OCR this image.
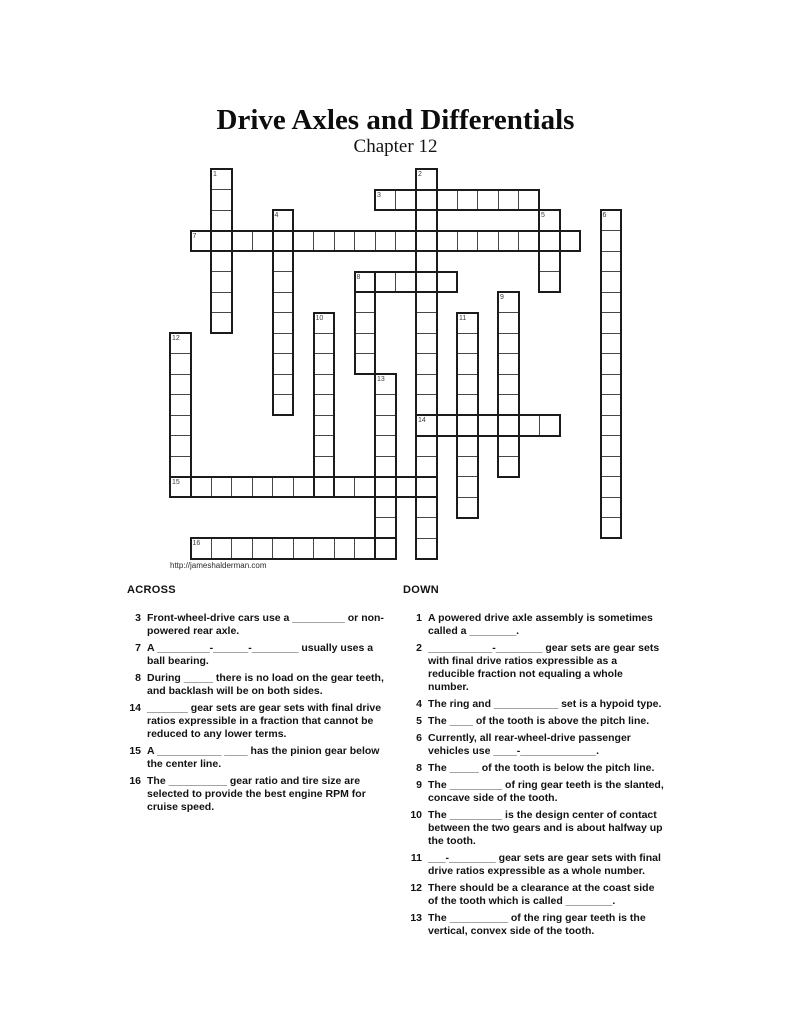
Drive Axles and Differentials
Chapter 12
3
7
8
14
15
16
1	2
4	5	6
9
10	11
12
13
http://jameshalderman.com
ACROSS
3 Front-wheel-drive cars use a _________ or non-powered rear axle.
7 A _________-______-________ usually uses a ball bearing.
8 During _____ there is no load on the gear teeth, and backlash will be on both sides.
14 _______ gear sets are gear sets with final drive ratios expressible in a fraction that cannot be reduced to any lower terms.
15 A ___________ ____ has the pinion gear below the center line.
16 The __________ gear ratio and tire size are selected to provide the best engine RPM for cruise speed.
DOWN
1 A powered drive axle assembly is sometimes called a ________.
2 ___________-________ gear sets are gear sets with final drive ratios expressible as a reducible fraction not equaling a whole number.
4 The ring and ___________ set is a hypoid type.
5 The ____ of the tooth is above the pitch line.
6 Currently, all rear-wheel-drive passenger vehicles use ____-_____________.
8 The _____ of the tooth is below the pitch line.
9 The _________ of ring gear teeth is the slanted, concave side of the tooth.
10 The _________ is the design center of contact between the two gears and is about halfway up the tooth.
11 ___-________ gear sets are gear sets with final drive ratios expressible as a whole number.
12 There should be a clearance at the coast side of the tooth which is called ________.
13 The __________ of the ring gear teeth is the vertical, convex side of the tooth.
